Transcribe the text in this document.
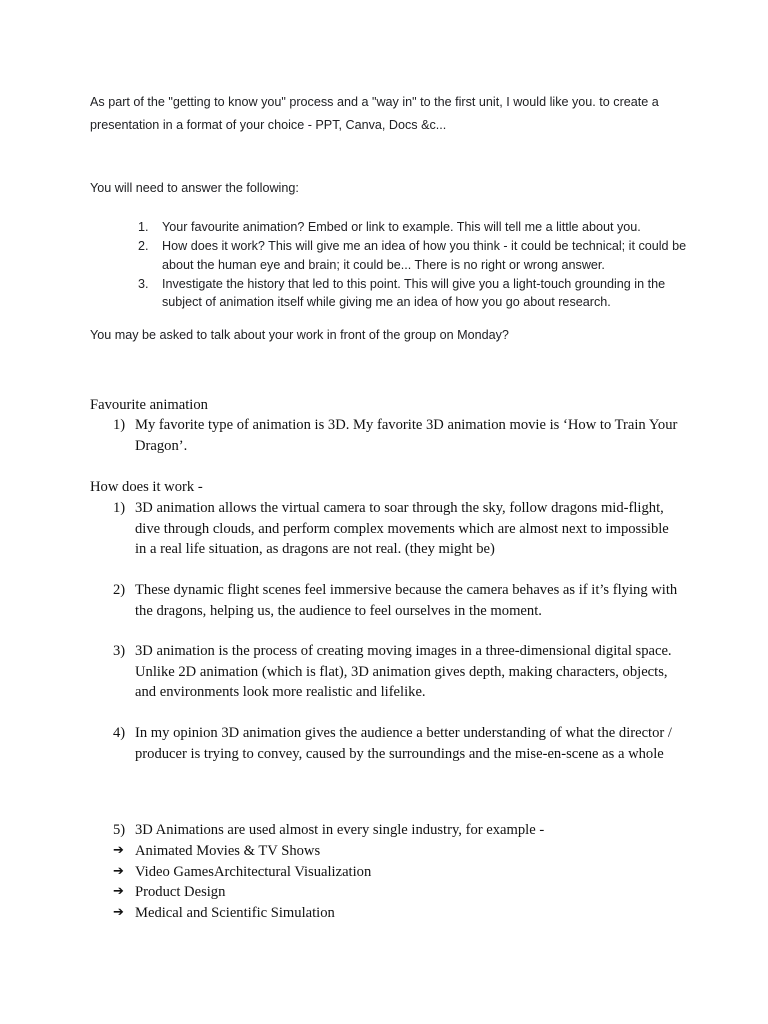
As part of the "getting to know you" process and a "way in" to the first unit, I would like you. to create a presentation in a format of your choice - PPT, Canva, Docs &c...

You will need to answer the following:

1. Your favourite animation? Embed or link to example. This will tell me a little about you.
2. How does it work? This will give me an idea of how you think - it could be technical; it could be about the human eye and brain; it could be... There is no right or wrong answer.
3. Investigate the history that led to this point. This will give you a light-touch grounding in the subject of animation itself while giving me an idea of how you go about research.

You may be asked to talk about your work in front of the group on Monday?

Favourite animation

1) My favorite type of animation is 3D. My favorite 3D animation movie is ‘How to Train Your Dragon’.

How does it work -

1) 3D animation allows the virtual camera to soar through the sky, follow dragons mid-flight, dive through clouds, and perform complex movements which are almost next to impossible in a real life situation, as dragons are not real. (they might be)
2) These dynamic flight scenes feel immersive because the camera behaves as if it’s flying with the dragons, helping us, the audience to feel ourselves in the moment.
3) 3D animation is the process of creating moving images in a three-dimensional digital space. Unlike 2D animation (which is flat), 3D animation gives depth, making characters, objects, and environments look more realistic and lifelike.
4) In my opinion 3D animation gives the audience a better understanding of what the director / producer is trying to convey, caused by the surroundings and the mise-en-scene as a whole
5) 3D Animations are used almost in every single industry, for example -
➔ Animated Movies & TV Shows
➔ Video GamesArchitectural Visualization
➔ Product Design
➔ Medical and Scientific Simulation
